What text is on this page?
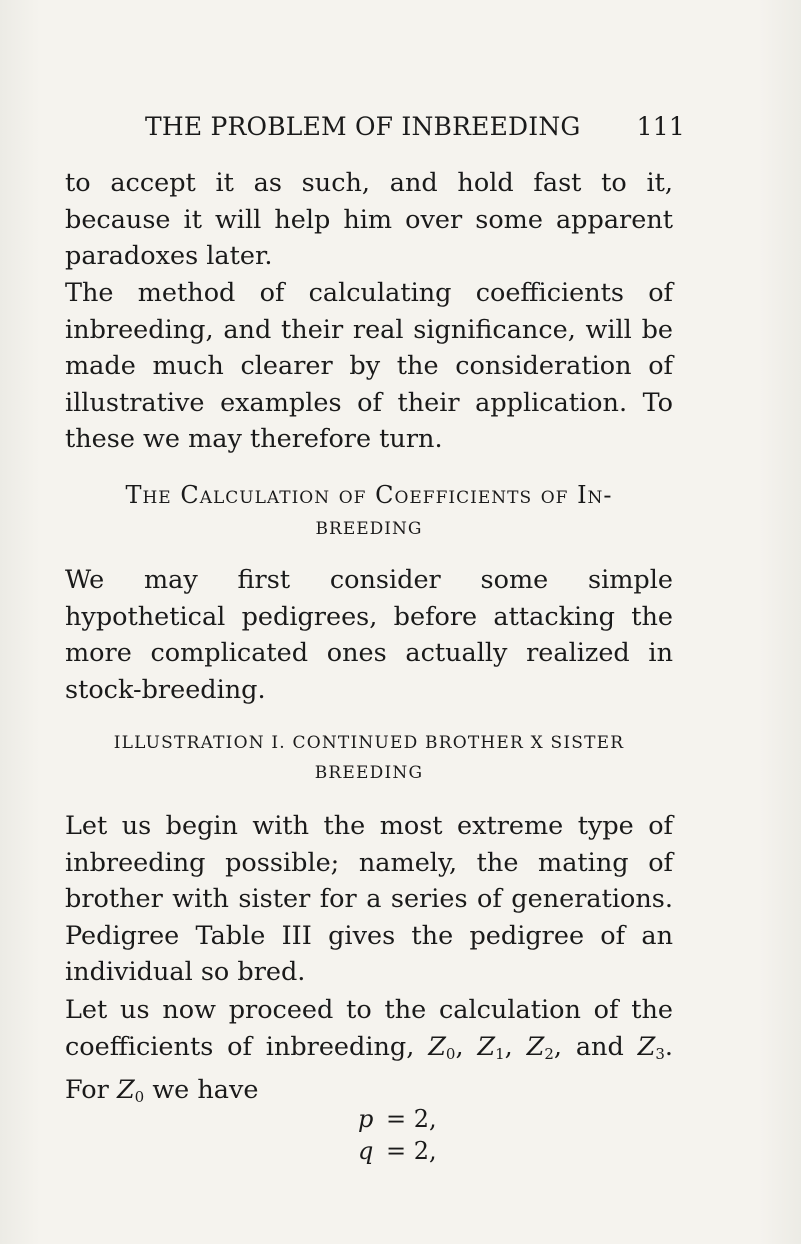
THE PROBLEM OF INBREEDING 111

to accept it as such, and hold fast to it, because it will help him over some apparent paradoxes later.

The method of calculating coefficients of inbreeding, and their real significance, will be made much clearer by the consideration of illustrative examples of their application. To these we may therefore turn.

The Calculation of Coefficients of In-
BREEDING

We may first consider some simple hypothetical pedigrees, before attacking the more complicated ones actually realized in stock-breeding.

ILLUSTRATION I. CONTINUED BROTHER X SISTER
BREEDING

Let us begin with the most extreme type of inbreeding possible; namely, the mating of brother with sister for a series of generations. Pedigree Table III gives the pedigree of an individual so bred.

Let us now proceed to the calculation of the coefficients of inbreeding, $Z_0$, $Z_1$, $Z_2$, and $Z_3$. For $Z_0$ we have

p = 2,
q = 2,
